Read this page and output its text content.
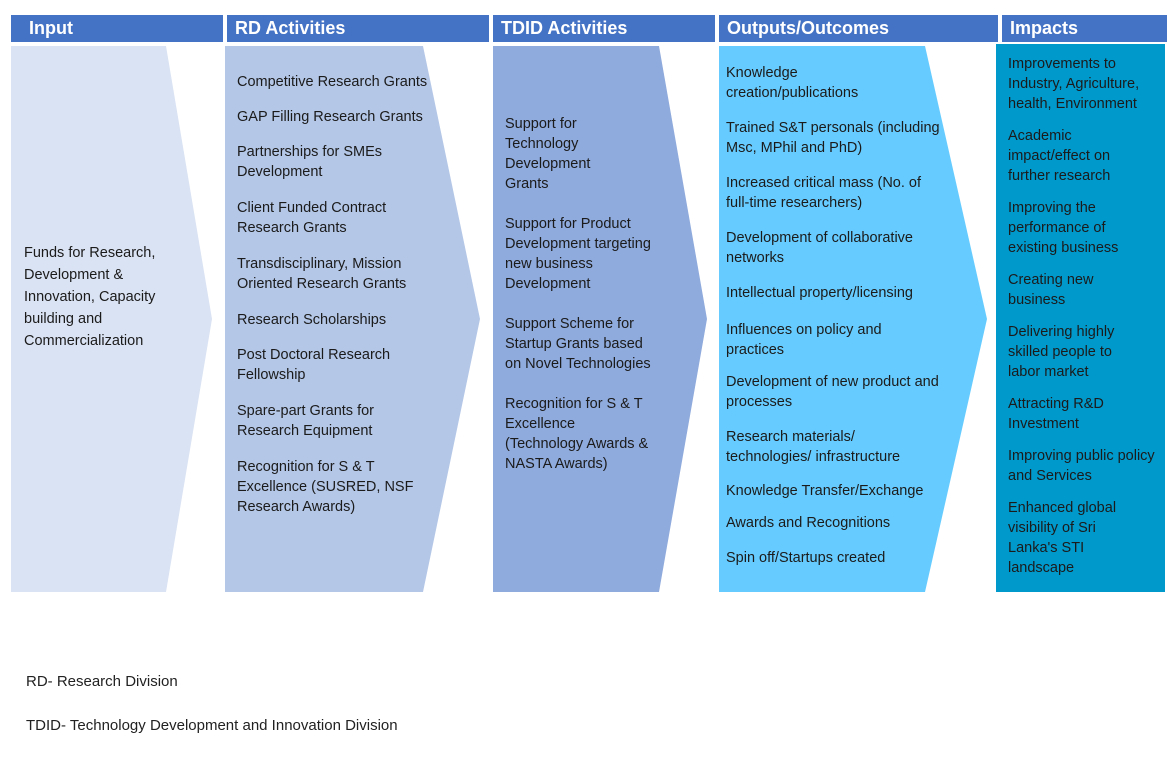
Input	RD Activities	TDID Activities	Outputs/Outcomes	Impacts
Funds for Research, Development & Innovation, Capacity building and Commercialization
Competitive Research Grants
GAP Filling Research Grants
Partnerships for SMEs Development
Client Funded Contract Research Grants
Transdisciplinary, Mission Oriented Research Grants
Research Scholarships
Post Doctoral Research Fellowship
Spare-part Grants for Research Equipment
Recognition for S & T Excellence (SUSRED, NSF Research Awards)
Support for Technology Development Grants
Support for Product Development targeting new business Development
Support Scheme for Startup Grants based on Novel Technologies
Recognition for S & T Excellence (Technology Awards & NASTA Awards)
Knowledge creation/publications
Trained S&T personals (including Msc, MPhil and PhD)
Increased critical mass (No. of full-time researchers)
Development of collaborative networks
Intellectual property/licensing
Influences on policy and practices
Development of new product and processes
Research materials/ technologies/ infrastructure
Knowledge Transfer/Exchange
Awards and Recognitions
Spin off/Startups created
Improvements to Industry, Agriculture, health, Environment
Academic impact/effect on further research
Improving the performance of existing business
Creating new business
Delivering highly skilled people to labor market
Attracting R&D Investment
Improving public policy and Services
Enhanced global visibility of Sri Lanka's STI landscape
RD- Research Division
TDID- Technology Development and Innovation Division
